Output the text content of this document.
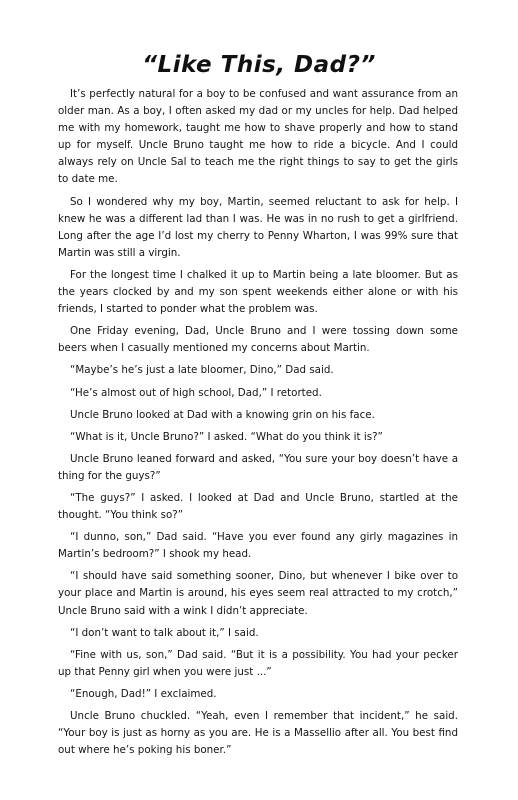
“Like This, Dad?”

It’s perfectly natural for a boy to be confused and want assurance from an older man. As a boy, I often asked my dad or my uncles for help. Dad helped me with my homework, taught me how to shave properly and how to stand up for myself. Uncle Bruno taught me how to ride a bicycle. And I could always rely on Uncle Sal to teach me the right things to say to get the girls to date me.

So I wondered why my boy, Martin, seemed reluctant to ask for help. I knew he was a different lad than I was. He was in no rush to get a girlfriend. Long after the age I’d lost my cherry to Penny Wharton, I was 99% sure that Martin was still a virgin.

For the longest time I chalked it up to Martin being a late bloomer. But as the years clocked by and my son spent weekends either alone or with his friends, I started to ponder what the problem was.

One Friday evening, Dad, Uncle Bruno and I were tossing down some beers when I casually mentioned my concerns about Martin.

“Maybe’s he’s just a late bloomer, Dino,” Dad said.

“He’s almost out of high school, Dad,” I retorted.

Uncle Bruno looked at Dad with a knowing grin on his face.

“What is it, Uncle Bruno?” I asked. “What do you think it is?”

Uncle Bruno leaned forward and asked, “You sure your boy doesn’t have a thing for the guys?”

“The guys?” I asked. I looked at Dad and Uncle Bruno, startled at the thought. “You think so?”

“I dunno, son,” Dad said. “Have you ever found any girly magazines in Martin’s bedroom?” I shook my head.

“I should have said something sooner, Dino, but whenever I bike over to your place and Martin is around, his eyes seem real attracted to my crotch,” Uncle Bruno said with a wink I didn’t appreciate.

“I don’t want to talk about it,” I said.

“Fine with us, son,” Dad said. “But it is a possibility. You had your pecker up that Penny girl when you were just ...”

“Enough, Dad!” I exclaimed.

Uncle Bruno chuckled. “Yeah, even I remember that incident,” he said. “Your boy is just as horny as you are. He is a Massellio after all. You best find out where he’s poking his boner.”
